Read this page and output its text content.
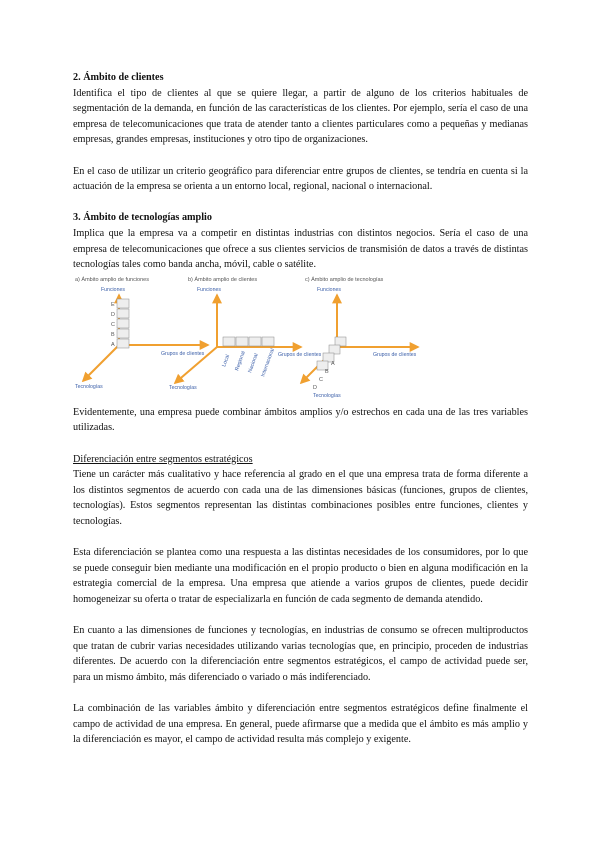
2. Ámbito de clientes

Identifica el tipo de clientes al que se quiere llegar, a partir de alguno de los criterios habituales de segmentación de la demanda, en función de las características de los clientes. Por ejemplo, sería el caso de una empresa de telecomunicaciones que trata de atender tanto a clientes particulares como a pequeñas y medianas empresas, grandes empresas, instituciones y otro tipo de organizaciones.

En el caso de utilizar un criterio geográfico para diferenciar entre grupos de clientes, se tendría en cuenta si la actuación de la empresa se orienta a un entorno local, regional, nacional o internacional.

3. Ámbito de tecnologías amplio

Implica que la empresa va a competir en distintas industrias con distintos negocios. Sería el caso de una empresa de telecomunicaciones que ofrece a sus clientes servicios de transmisión de datos a través de distintas tecnologías tales como banda ancha, móvil, cable o satélite.

a) Ámbito amplio de funciones
Funciones
E
D
C
B
A
Grupos de clientes
Tecnologías
b) Ámbito amplio de clientes
Funciones
Local Regional Nacional Internacional Grupos de clientes
Tecnologías
c) Ámbito amplio de tecnologías
Funciones
A
B
C
D
Grupos de clientes
Tecnologías

Evidentemente, una empresa puede combinar ámbitos amplios y/o estrechos en cada una de las tres variables utilizadas.

Diferenciación entre segmentos estratégicos

Tiene un carácter más cualitativo y hace referencia al grado en el que una empresa trata de forma diferente a los distintos segmentos de acuerdo con cada una de las dimensiones básicas (funciones, grupos de clientes, tecnologías). Estos segmentos representan las distintas combinaciones posibles entre funciones, clientes y tecnologías.

Esta diferenciación se plantea como una respuesta a las distintas necesidades de los consumidores, por lo que se puede conseguir bien mediante una modificación en el propio producto o bien en alguna modificación en la estrategia comercial de la empresa. Una empresa que atiende a varios grupos de clientes, puede decidir homogeneizar su oferta o tratar de especializarla en función de cada segmento de demanda atendido.

En cuanto a las dimensiones de funciones y tecnologías, en industrias de consumo se ofrecen multiproductos que tratan de cubrir varias necesidades utilizando varias tecnologías que, en principio, proceden de industrias diferentes. De acuerdo con la diferenciación entre segmentos estratégicos, el campo de actividad puede ser, para un mismo ámbito, más diferenciado o variado o más indiferenciado.

La combinación de las variables ámbito y diferenciación entre segmentos estratégicos define finalmente el campo de actividad de una empresa. En general, puede afirmarse que a medida que el ámbito es más amplio y la diferenciación es mayor, el campo de actividad resulta más complejo y exigente.
